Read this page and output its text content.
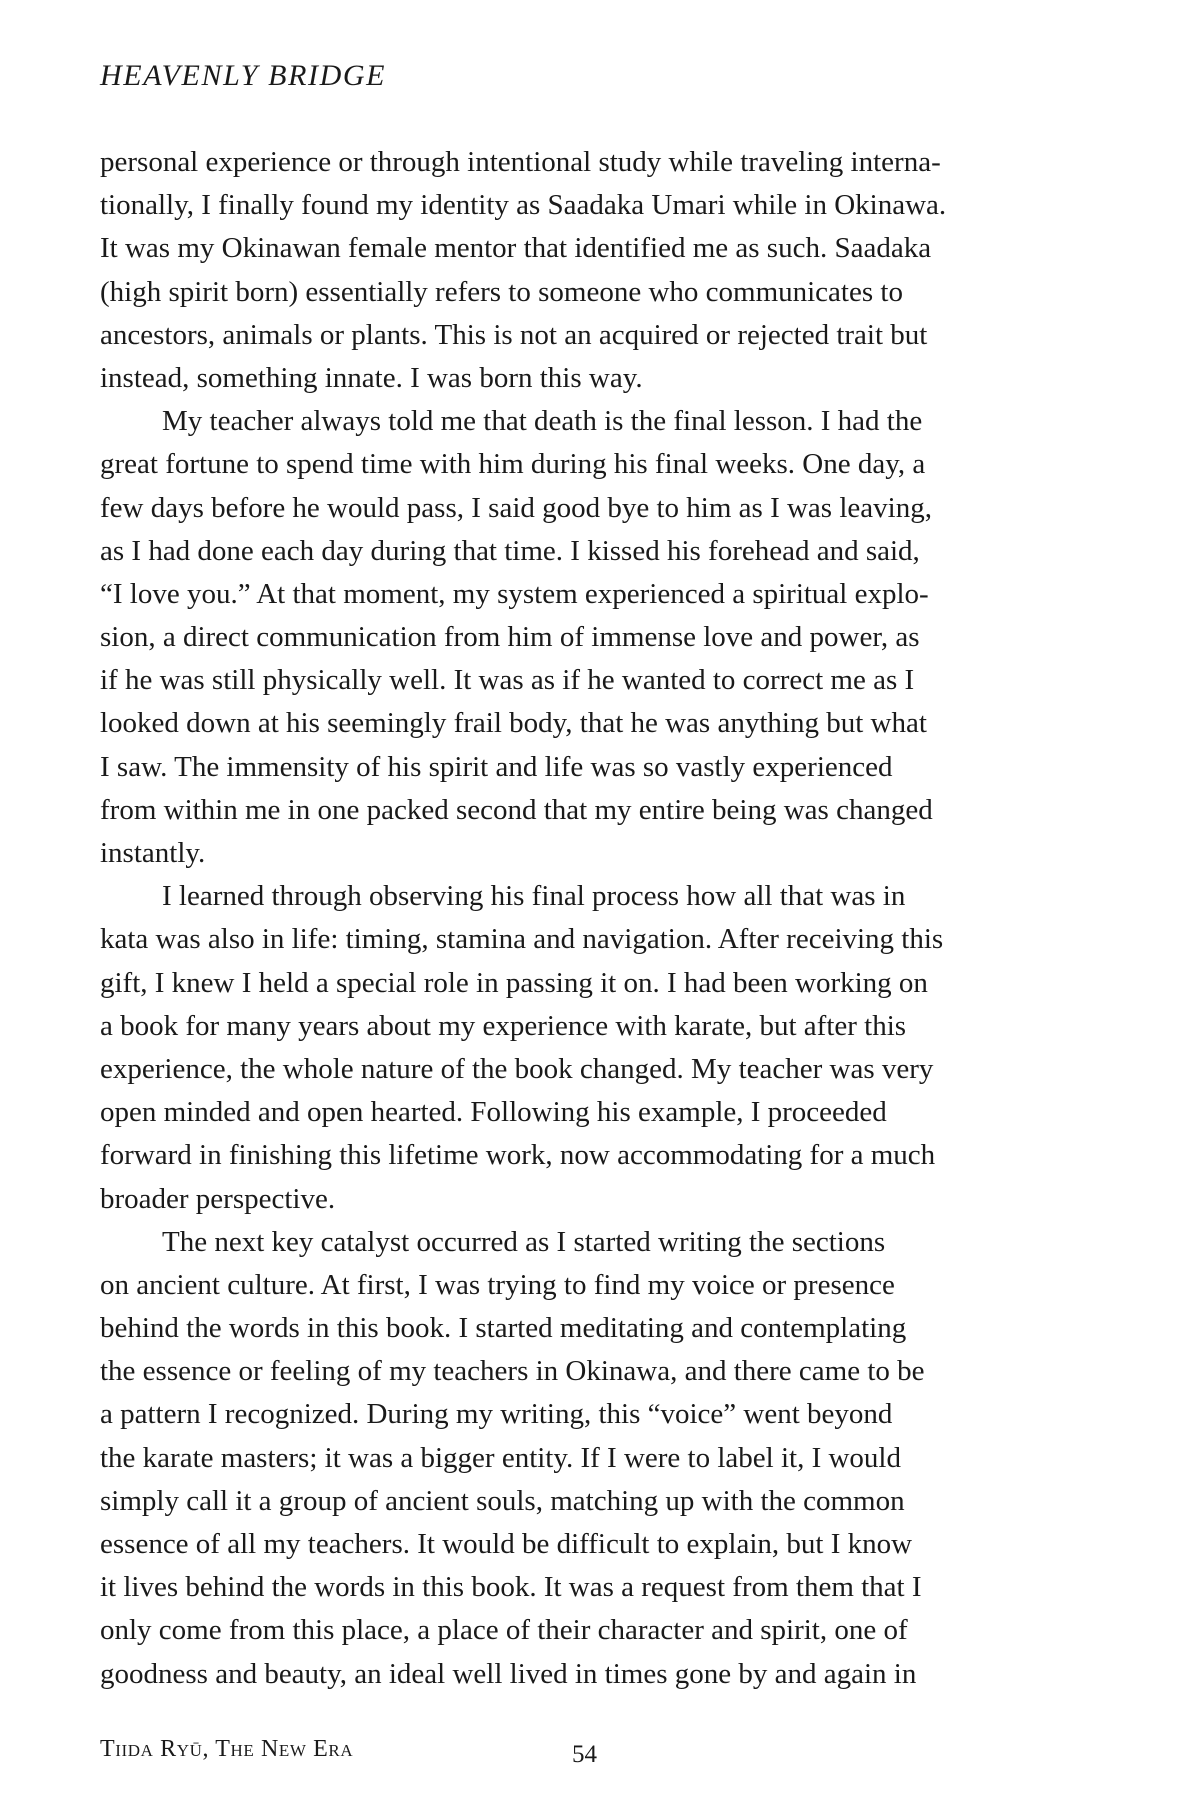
HEAVENLY BRIDGE
personal experience or through intentional study while traveling interna-
tionally, I finally found my identity as Saadaka Umari while in Okinawa.
It was my Okinawan female mentor that identified me as such. Saadaka
(high spirit born) essentially refers to someone who communicates to
ancestors, animals or plants. This is not an acquired or rejected trait but
instead, something innate. I was born this way.
My teacher always told me that death is the final lesson. I had the
great fortune to spend time with him during his final weeks. One day, a
few days before he would pass, I said good bye to him as I was leaving,
as I had done each day during that time. I kissed his forehead and said,
“I love you.” At that moment, my system experienced a spiritual explo-
sion, a direct communication from him of immense love and power, as
if he was still physically well. It was as if he wanted to correct me as I
looked down at his seemingly frail body, that he was anything but what
I saw. The immensity of his spirit and life was so vastly experienced
from within me in one packed second that my entire being was changed
instantly.
I learned through observing his final process how all that was in
kata was also in life: timing, stamina and navigation. After receiving this
gift, I knew I held a special role in passing it on. I had been working on
a book for many years about my experience with karate, but after this
experience, the whole nature of the book changed. My teacher was very
open minded and open hearted. Following his example, I proceeded
forward in finishing this lifetime work, now accommodating for a much
broader perspective.
The next key catalyst occurred as I started writing the sections
on ancient culture. At first, I was trying to find my voice or presence
behind the words in this book. I started meditating and contemplating
the essence or feeling of my teachers in Okinawa, and there came to be
a pattern I recognized. During my writing, this “voice” went beyond
the karate masters; it was a bigger entity. If I were to label it, I would
simply call it a group of ancient souls, matching up with the common
essence of all my teachers. It would be difficult to explain, but I know
it lives behind the words in this book. It was a request from them that I
only come from this place, a place of their character and spirit, one of
goodness and beauty, an ideal well lived in times gone by and again in
Tiida Ryū, The New Era	54
